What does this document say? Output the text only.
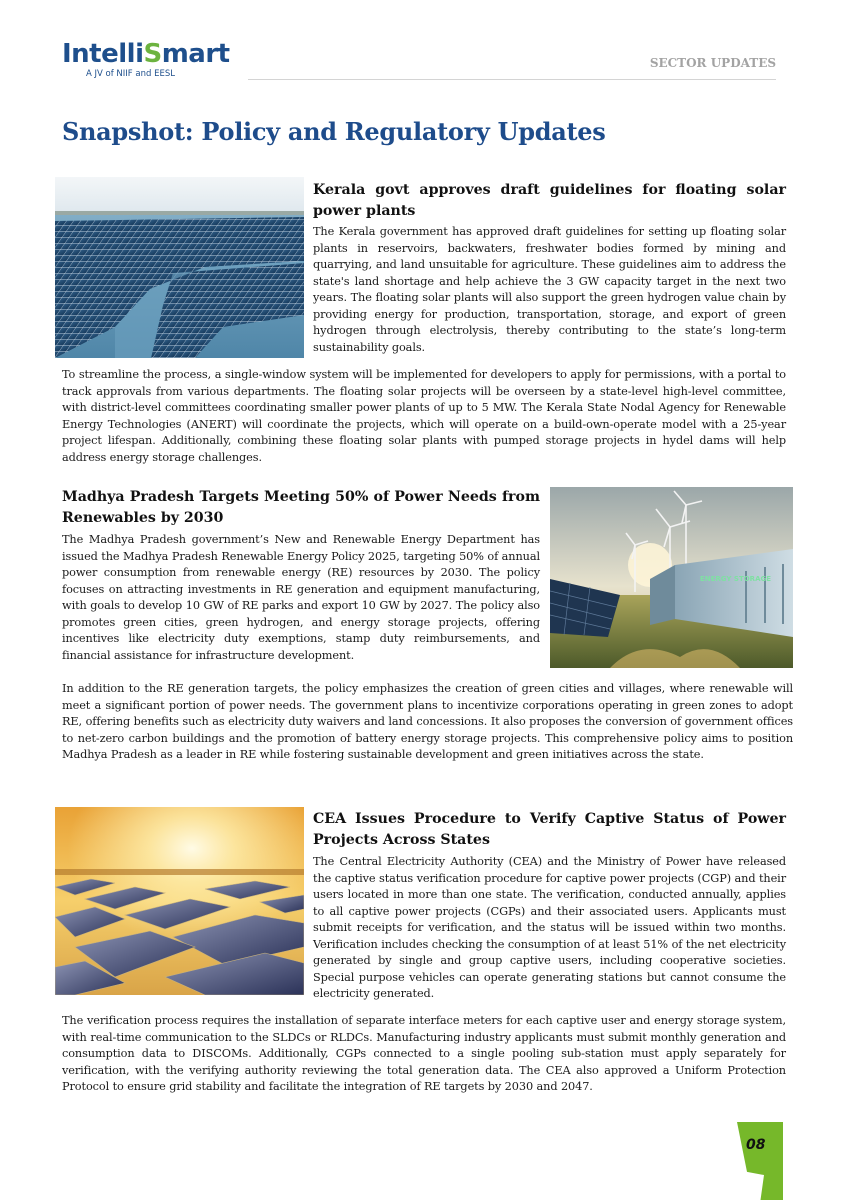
IntelliSmart
A JV of NIIF and EESL
SECTOR UPDATES
Snapshot: Policy and Regulatory Updates
Kerala govt approves draft guidelines for floating solar power plants

The Kerala government has approved draft guidelines for setting up floating solar plants in reservoirs, backwaters, freshwater bodies formed by mining and quarrying, and land unsuitable for agriculture. These guidelines aim to address the state's land shortage and help achieve the 3 GW capacity target in the next two years. The floating solar plants will also support the green hydrogen value chain by providing energy for production, transportation, storage, and export of green hydrogen through electrolysis, thereby contributing to the state’s long-term sustainability goals.

To streamline the process, a single-window system will be implemented for developers to apply for permissions, with a portal to track approvals from various departments. The floating solar projects will be overseen by a state-level high-level committee, with district-level committees coordinating smaller power plants of up to 5 MW. The Kerala State Nodal Agency for Renewable Energy Technologies (ANERT) will coordinate the projects, which will operate on a build-own-operate model with a 25-year project lifespan. Additionally, combining these floating solar plants with pumped storage projects in hydel dams will help address energy storage challenges.

Madhya Pradesh Targets Meeting 50% of Power Needs from Renewables by 2030

The Madhya Pradesh government’s New and Renewable Energy Department has issued the Madhya Pradesh Renewable Energy Policy 2025, targeting 50% of annual power consumption from renewable energy (RE) resources by 2030. The policy focuses on attracting investments in RE generation and equipment manufacturing, with goals to develop 10 GW of RE parks and export 10 GW by 2027. The policy also promotes green cities, green hydrogen, and energy storage projects, offering incentives like electricity duty exemptions, stamp duty reimbursements, and financial assistance for infrastructure development.

ENERGY STORAGE

In addition to the RE generation targets, the policy emphasizes the creation of green cities and villages, where renewable will meet a significant portion of power needs. The government plans to incentivize corporations operating in green zones to adopt RE, offering benefits such as electricity duty waivers and land concessions. It also proposes the conversion of government offices to net-zero carbon buildings and the promotion of battery energy storage projects. This comprehensive policy aims to position Madhya Pradesh as a leader in RE while fostering sustainable development and green initiatives across the state.

CEA Issues Procedure to Verify Captive Status of Power Projects Across States

The Central Electricity Authority (CEA) and the Ministry of Power have released the captive status verification procedure for captive power projects (CGP) and their users located in more than one state. The verification, conducted annually, applies to all captive power projects (CGPs) and their associated users. Applicants must submit receipts for verification, and the status will be issued within two months. Verification includes checking the consumption of at least 51% of the net electricity generated by single and group captive users, including cooperative societies. Special purpose vehicles can operate generating stations but cannot consume the electricity generated.

The verification process requires the installation of separate interface meters for each captive user and energy storage system, with real-time communication to the SLDCs or RLDCs. Manufacturing industry applicants must submit monthly generation and consumption data to DISCOMs. Additionally, CGPs connected to a single pooling sub-station must apply separately for verification, with the verifying authority reviewing the total generation data. The CEA also approved a Uniform Protection Protocol to ensure grid stability and facilitate the integration of RE targets by 2030 and 2047.

08
